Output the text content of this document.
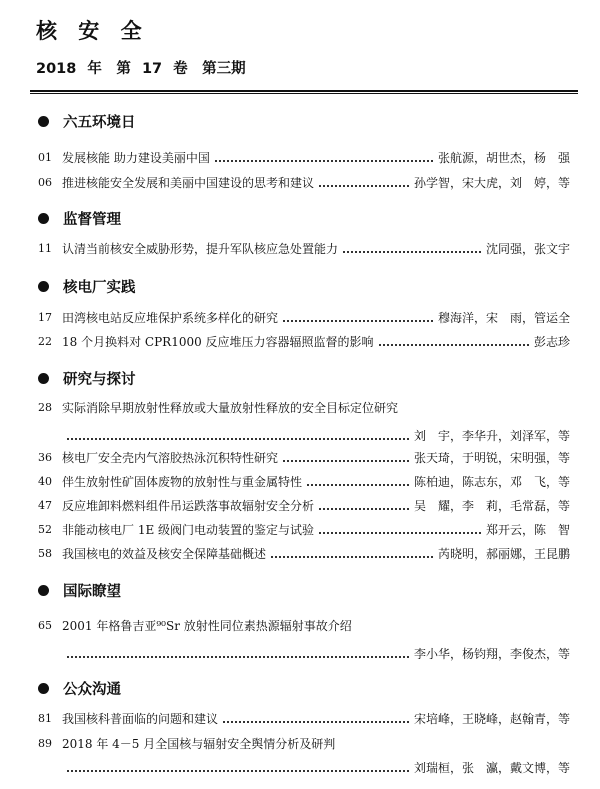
核 安 全
2018 年　第 17 卷　第三期
六五环境日
01 发展核能 助力建设美丽中国	张航源，胡世杰，杨　强
06 推进核能安全发展和美丽中国建设的思考和建议	孙学智，宋大虎，刘　婷，等
监督管理
11 认清当前核安全威胁形势，提升军队核应急处置能力	沈同强，张文宇
核电厂实践
17 田湾核电站反应堆保护系统多样化的研究	穆海洋，宋　雨，管运全
22 18 个月换料对 CPR1000 反应堆压力容器辐照监督的影响	彭志珍
研究与探讨
28 实际消除早期放射性释放或大量放射性释放的安全目标定位研究
刘　宇，李华升，刘泽军，等
36 核电厂安全壳内气溶胶热泳沉积特性研究	张天琦，于明锐，宋明强，等
40 伴生放射性矿固体废物的放射性与重金属特性	陈柏迪，陈志东，邓　飞，等
47 反应堆卸料燃料组件吊运跌落事故辐射安全分析	吴　耀，李　莉，毛常磊，等
52 非能动核电厂 1E 级阀门电动装置的鉴定与试验	郑开云，陈　智
58 我国核电的效益及核安全保障基础概述	芮晓明，郝丽娜，王昆鹏
国际瞭望
65 2001 年格鲁吉亚⁹⁰Sr 放射性同位素热源辐射事故介绍
李小华，杨钧翔，李俊杰，等
公众沟通
81 我国核科普面临的问题和建议	宋培峰，王晓峰，赵翰青，等
89 2018 年 4－5 月全国核与辐射安全舆情分析及研判
刘瑞桓，张　瀛，戴文博，等
